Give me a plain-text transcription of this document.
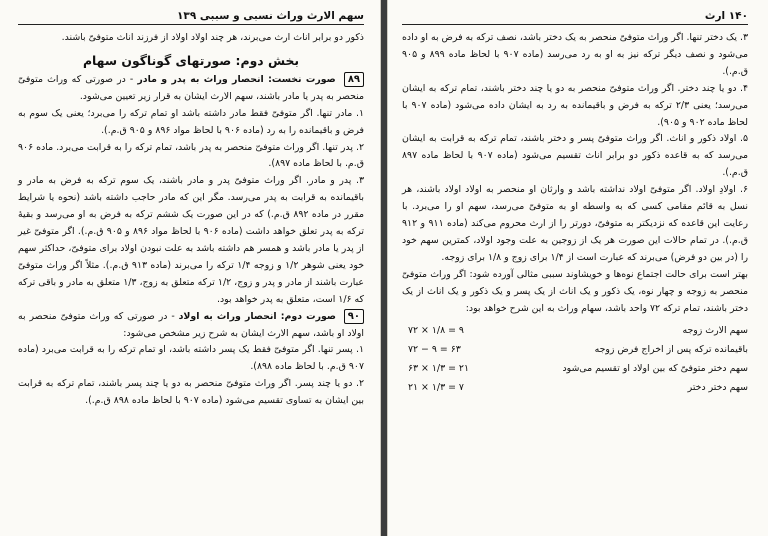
سهم الارث وراث نسبی و سببی ۱۳۹

ذکور دو برابر اناث ارث می‌برند، هر چند اولاد اولاد از فرزند اناث متوفیّ باشند.

بخش دوم: صورتهای گوناگون سهام

۸۹ صورت نخست: انحصار وراث به پدر و مادر - در صورتی که وراث متوفیّ منحصر به پدر یا مادر باشند، سهم الارث ایشان به قرار زیر تعیین می‌شود.

۱. مادر تنها. اگر متوفیّ فقط مادر داشته باشد او تمام ترکه را می‌برد؛ یعنی یک سوم به فرض و باقیمانده را به رد (ماده ۹۰۶ با لحاظ مواد ۸۹۶ و ۹۰۵ ق.م.).

۲. پدر تنها. اگر وراث متوفیّ منحصر به پدر باشد، تمام ترکه را به قرابت می‌برد. ماده ۹۰۶ ق.م. با لحاظ ماده ۸۹۷).

۳. پدر و مادر. اگر وراث متوفیّ پدر و مادر باشند، یک سوم ترکه به فرض به مادر و باقیمانده به قرابت به پدر می‌رسد. مگر این که مادر حاجب داشته باشد (نحوه یا شرایط مقرر در ماده ۸۹۲ ق.م.) که در این صورت یک ششم ترکه به فرض به او می‌رسد و بقیهٔ ترکه به پدر تعلق خواهد داشت (ماده ۹۰۶ با لحاظ مواد ۸۹۶ و ۹۰۵ ق.م.). اگر متوفیّ غیر از پدر یا مادر باشد و همسر هم داشته باشد به علت نبودن اولاد برای متوفیّ، حداکثر سهم خود یعنی شوهر ۱/۲ و زوجه ۱/۴ ترکه را می‌برند (ماده ۹۱۳ ق.م.). مثلاً اگر وراث متوفیّ عبارت باشند از مادر و پدر و زوج، ۱/۲ ترکه متعلق به زوج، ۱/۳ متعلق به مادر و باقی ترکه که ۱/۶ است، متعلق به پدر خواهد بود.

۹۰ صورت دوم: انحصار وراث به اولاد - در صورتی که وراث متوفیّ منحصر به اولاد او باشد، سهم الارث ایشان به شرح زیر مشخص می‌شود:

۱. پسر تنها. اگر متوفیّ فقط یک پسر داشته باشد، او تمام ترکه را به قرابت می‌برد (ماده ۹۰۷ ق.م. با لحاظ ماده ۸۹۸).

۲. دو یا چند پسر. اگر وراث متوفیّ منحصر به دو یا چند پسر باشند، تمام ترکه به قرابت بین ایشان به تساوی تقسیم می‌شود (ماده ۹۰۷ با لحاظ ماده ۸۹۸ ق.م.).

۱۴۰ ارث

۳. یک دختر تنها. اگر وراث متوفیّ منحصر به یک دختر باشد، نصف ترکه به فرض به او داده می‌شود و نصف دیگر ترکه نیز به او به رد می‌رسد (ماده ۹۰۷ با لحاظ ماده ۸۹۹ و ۹۰۵ ق.م.).

۴. دو یا چند دختر. اگر وراث متوفیّ منحصر به دو یا چند دختر باشند، تمام ترکه به ایشان می‌رسد؛ یعنی ۲/۳ ترکه به فرض و باقیمانده به رد به ایشان داده می‌شود (ماده ۹۰۷ با لحاظ ماده ۹۰۲ و ۹۰۵).

۵. اولاد ذکور و اناث. اگر وراث متوفیّ پسر و دختر باشند، تمام ترکه به قرابت به ایشان می‌رسد که به قاعده ذکور دو برابر اناث تقسیم می‌شود (ماده ۹۰۷ با لحاظ ماده ۸۹۷ ق.م.).

۶. اولادِ اولاد. اگر متوفیّ اولاد نداشته باشد و وارثان او منحصر به اولاد اولاد باشند، هر نسل به قائم مقامی کسی که به واسطه او به متوفیّ می‌رسد، سهم او را می‌برد. با رعایت این قاعده که نزدیکتر به متوفیّ، دورتر را از ارث محروم می‌کند (ماده ۹۱۱ و ۹۱۲ ق.م.). در تمام حالات این صورت هر یک از زوجین به علت وجود اولاد، کمترین سهم خود را (در بین دو فرض) می‌برند که عبارت است از ۱/۴ برای زوج و ۱/۸ برای زوجه.

بهتر است برای حالت اجتماع نوه‌ها و خویشاوند سببی مثالی آورده شود: اگر وراث متوفیّ منحصر به زوجه و چهار نوه، یک ذکور و یک اناث از یک پسر و یک ذکور و یک اناث از یک دختر باشند، تمام ترکه ۷۲ واحد باشد، سهام وراث به این شرح خواهد بود:

سهم الارث زوجه
۷۲ × ۱/۸ = ۹
باقیمانده ترکه پس از اخراج فرض زوجه
۷۲ − ۹ = ۶۳
سهم دختر متوفیّ که بین اولاد او تقسیم می‌شود
۶۳ × ۱/۳ = ۲۱
سهم دختر دختر
۲۱ × ۱/۳ = ۷
